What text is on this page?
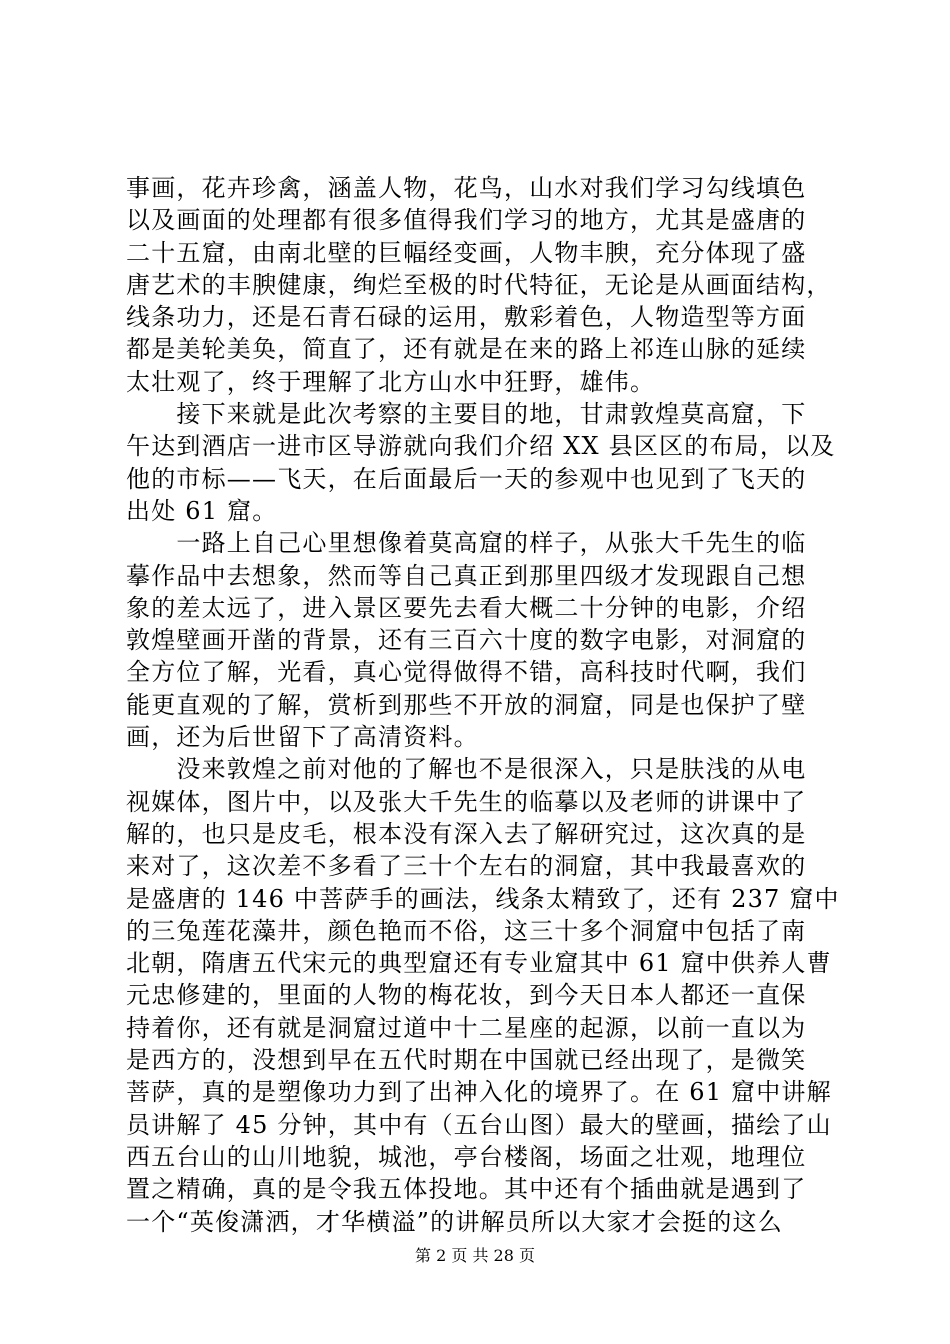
事画，花卉珍禽，涵盖人物，花鸟，山水对我们学习勾线填色
以及画面的处理都有很多值得我们学习的地方，尤其是盛唐的
二十五窟，由南北壁的巨幅经变画，人物丰腴，充分体现了盛
唐艺术的丰腴健康，绚烂至极的时代特征，无论是从画面结构，
线条功力，还是石青石碌的运用，敷彩着色，人物造型等方面
都是美轮美奂，简直了，还有就是在来的路上祁连山脉的延续
太壮观了，终于理解了北方山水中狂野，雄伟。
　　接下来就是此次考察的主要目的地，甘肃敦煌莫高窟，下
午达到酒店一进市区导游就向我们介绍 XX 县区区的布局，以及
他的市标——飞天，在后面最后一天的参观中也见到了飞天的
出处 61 窟。
　　一路上自己心里想像着莫高窟的样子，从张大千先生的临
摹作品中去想象，然而等自己真正到那里四级才发现跟自己想
象的差太远了，进入景区要先去看大概二十分钟的电影，介绍
敦煌壁画开凿的背景，还有三百六十度的数字电影，对洞窟的
全方位了解，光看，真心觉得做得不错，高科技时代啊，我们
能更直观的了解，赏析到那些不开放的洞窟，同是也保护了壁
画，还为后世留下了高清资料。
　　没来敦煌之前对他的了解也不是很深入，只是肤浅的从电
视媒体，图片中，以及张大千先生的临摹以及老师的讲课中了
解的，也只是皮毛，根本没有深入去了解研究过，这次真的是
来对了，这次差不多看了三十个左右的洞窟，其中我最喜欢的
是盛唐的 146 中菩萨手的画法，线条太精致了，还有 237 窟中
的三兔莲花藻井，颜色艳而不俗，这三十多个洞窟中包括了南
北朝，隋唐五代宋元的典型窟还有专业窟其中 61 窟中供养人曹
元忠修建的，里面的人物的梅花妆，到今天日本人都还一直保
持着你，还有就是洞窟过道中十二星座的起源，以前一直以为
是西方的，没想到早在五代时期在中国就已经出现了，是微笑
菩萨，真的是塑像功力到了出神入化的境界了。在 61 窟中讲解
员讲解了 45 分钟，其中有（五台山图）最大的壁画，描绘了山
西五台山的山川地貌，城池，亭台楼阁，场面之壮观，地理位
置之精确，真的是令我五体投地。其中还有个插曲就是遇到了
一个“英俊潇洒，才华横溢”的讲解员所以大家才会挺的这么
第 2 页 共 28 页
